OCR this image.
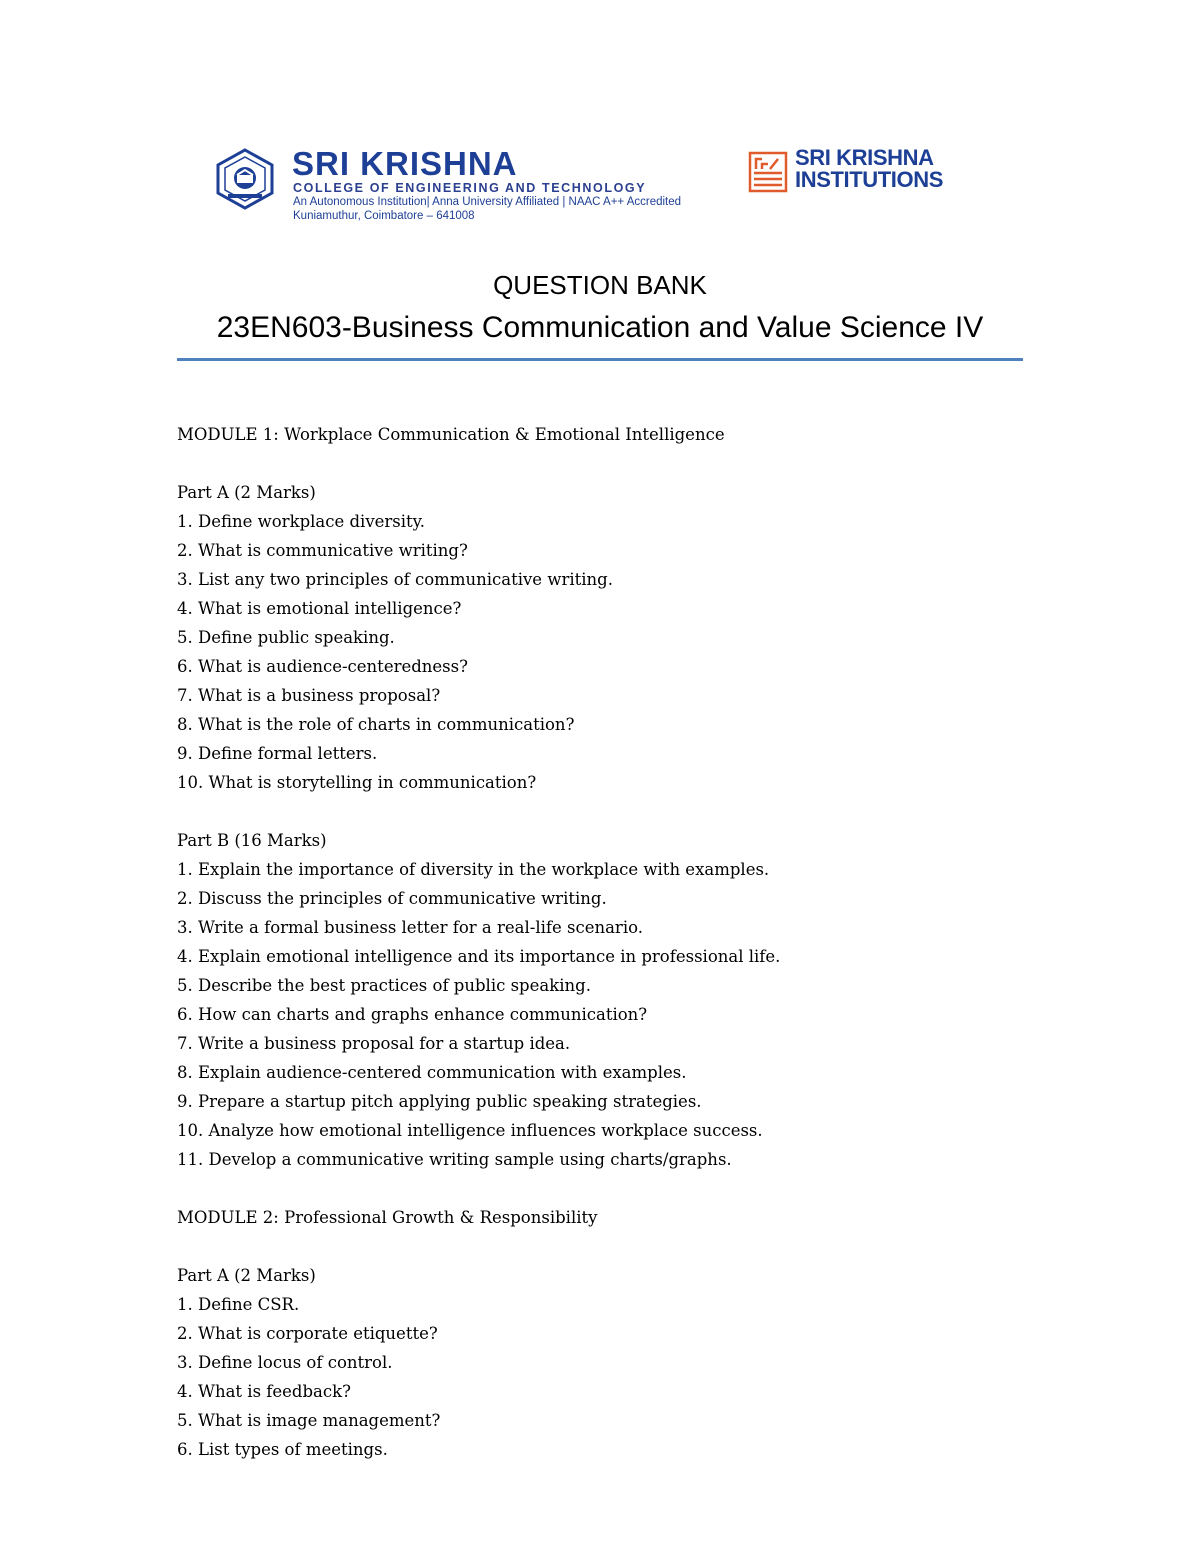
SRI KRISHNA
COLLEGE OF ENGINEERING AND TECHNOLOGY
An Autonomous Institution| Anna University Affiliated | NAAC A++ Accredited
Kuniamuthur, Coimbatore – 641008
SRI KRISHNA
INSTITUTIONS
QUESTION BANK
23EN603-Business Communication and Value Science IV
MODULE 1: Workplace Communication & Emotional Intelligence
Part A (2 Marks)
1. Define workplace diversity.
2. What is communicative writing?
3. List any two principles of communicative writing.
4. What is emotional intelligence?
5. Define public speaking.
6. What is audience-centeredness?
7. What is a business proposal?
8. What is the role of charts in communication?
9. Define formal letters.
10. What is storytelling in communication?
Part B (16 Marks)
1. Explain the importance of diversity in the workplace with examples.
2. Discuss the principles of communicative writing.
3. Write a formal business letter for a real-life scenario.
4. Explain emotional intelligence and its importance in professional life.
5. Describe the best practices of public speaking.
6. How can charts and graphs enhance communication?
7. Write a business proposal for a startup idea.
8. Explain audience-centered communication with examples.
9. Prepare a startup pitch applying public speaking strategies.
10. Analyze how emotional intelligence influences workplace success.
11. Develop a communicative writing sample using charts/graphs.
MODULE 2: Professional Growth & Responsibility
Part A (2 Marks)
1. Define CSR.
2. What is corporate etiquette?
3. Define locus of control.
4. What is feedback?
5. What is image management?
6. List types of meetings.
